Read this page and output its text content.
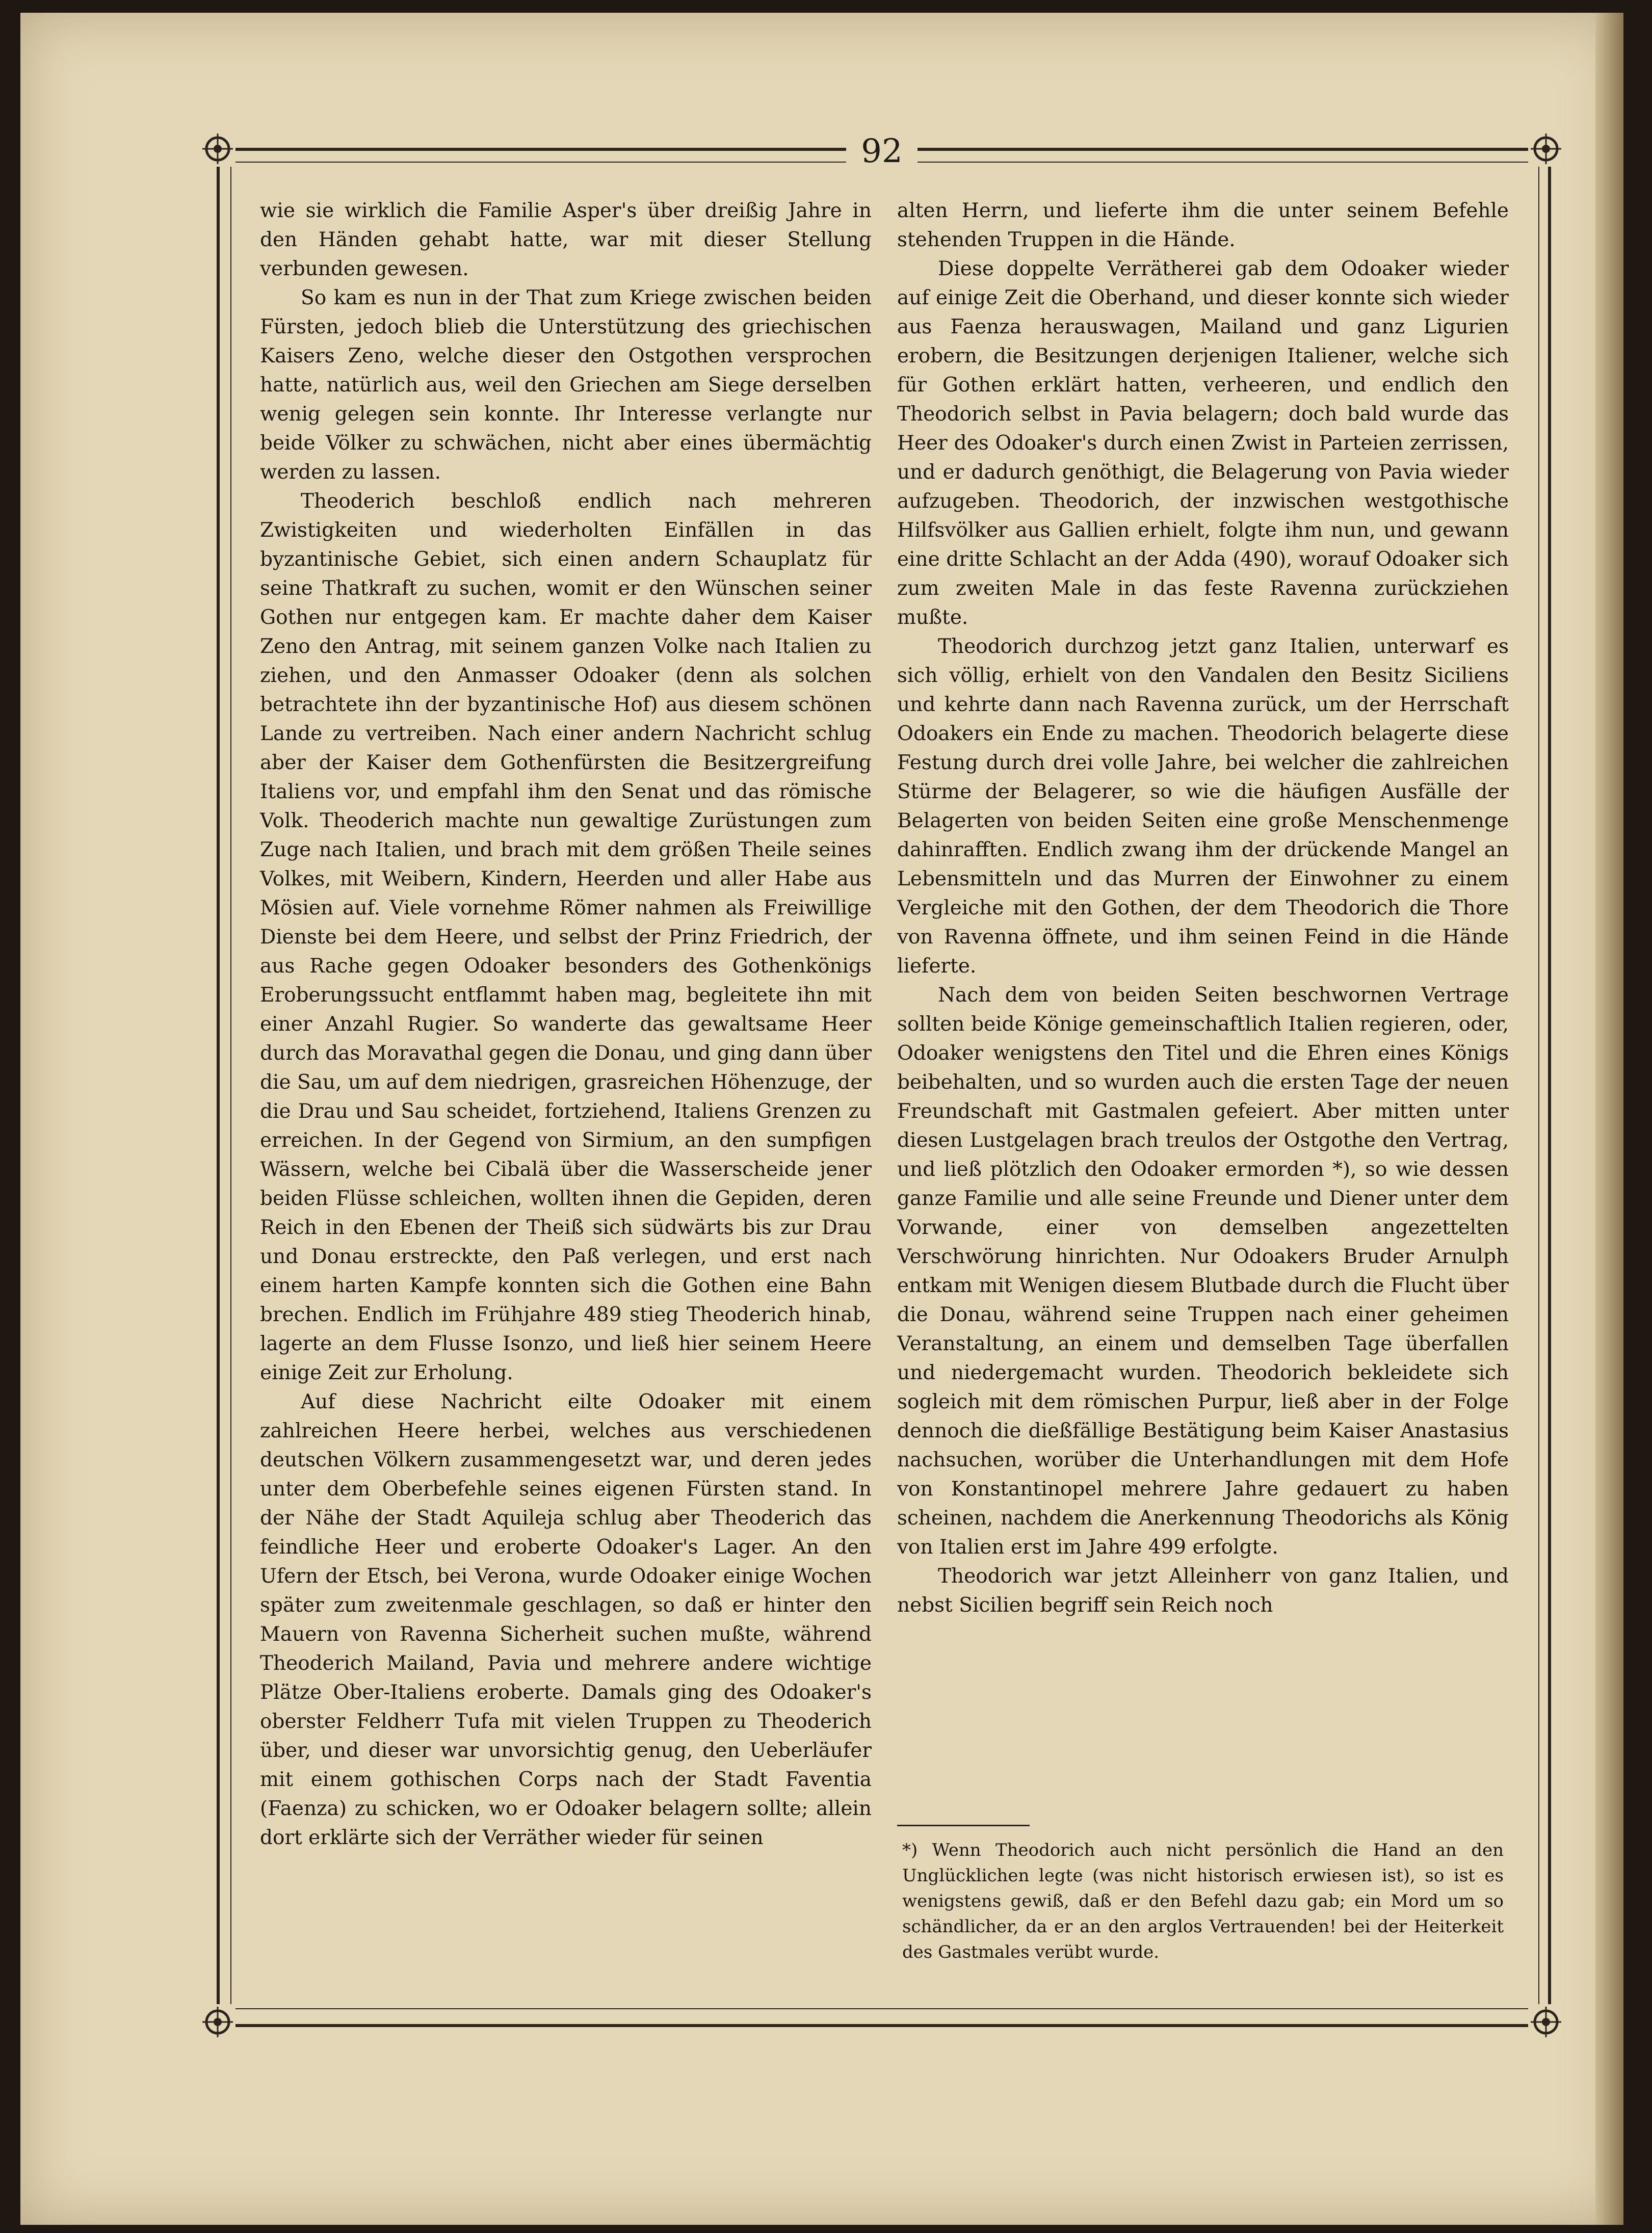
92

wie sie wirklich die Familie Asper's über dreißig Jahre in den Händen gehabt hatte, war mit dieser Stellung verbunden gewesen.

So kam es nun in der That zum Kriege zwischen beiden Fürsten, jedoch blieb die Unterstützung des griechischen Kaisers Zeno, welche dieser den Ostgothen versprochen hatte, natürlich aus, weil den Griechen am Siege derselben wenig gelegen sein konnte. Ihr Interesse verlangte nur beide Völker zu schwächen, nicht aber eines übermächtig werden zu lassen.

Theoderich beschloß endlich nach mehreren Zwistigkeiten und wiederholten Einfällen in das byzantinische Gebiet, sich einen andern Schauplatz für seine Thatkraft zu suchen, womit er den Wünschen seiner Gothen nur entgegen kam. Er machte daher dem Kaiser Zeno den Antrag, mit seinem ganzen Volke nach Italien zu ziehen, und den Anmasser Odoaker (denn als solchen betrachtete ihn der byzantinische Hof) aus diesem schönen Lande zu vertreiben. Nach einer andern Nachricht schlug aber der Kaiser dem Gothenfürsten die Besitzergreifung Italiens vor, und empfahl ihm den Senat und das römische Volk. Theoderich machte nun gewaltige Zurüstungen zum Zuge nach Italien, und brach mit dem größen Theile seines Volkes, mit Weibern, Kindern, Heerden und aller Habe aus Mösien auf. Viele vornehme Römer nahmen als Freiwillige Dienste bei dem Heere, und selbst der Prinz Friedrich, der aus Rache gegen Odoaker besonders des Gothenkönigs Eroberungssucht entflammt haben mag, begleitete ihn mit einer Anzahl Rugier. So wanderte das gewaltsame Heer durch das Moravathal gegen die Donau, und ging dann über die Sau, um auf dem niedrigen, grasreichen Höhenzuge, der die Drau und Sau scheidet, fortziehend, Italiens Grenzen zu erreichen. In der Gegend von Sirmium, an den sumpfigen Wässern, welche bei Cibalä über die Wasserscheide jener beiden Flüsse schleichen, wollten ihnen die Gepiden, deren Reich in den Ebenen der Theiß sich südwärts bis zur Drau und Donau erstreckte, den Paß verlegen, und erst nach einem harten Kampfe konnten sich die Gothen eine Bahn brechen. Endlich im Frühjahre 489 stieg Theoderich hinab, lagerte an dem Flusse Isonzo, und ließ hier seinem Heere einige Zeit zur Erholung.

Auf diese Nachricht eilte Odoaker mit einem zahlreichen Heere herbei, welches aus verschiedenen deutschen Völkern zusammengesetzt war, und deren jedes unter dem Oberbefehle seines eigenen Fürsten stand. In der Nähe der Stadt Aquileja schlug aber Theoderich das feindliche Heer und eroberte Odoaker's Lager. An den Ufern der Etsch, bei Verona, wurde Odoaker einige Wochen später zum zweitenmale geschlagen, so daß er hinter den Mauern von Ravenna Sicherheit suchen mußte, während Theoderich Mailand, Pavia und mehrere andere wichtige Plätze Ober-Italiens eroberte. Damals ging des Odoaker's oberster Feldherr Tufa mit vielen Truppen zu Theoderich über, und dieser war unvorsichtig genug, den Ueberläufer mit einem gothischen Corps nach der Stadt Faventia (Faenza) zu schicken, wo er Odoaker belagern sollte; allein dort erklärte sich der Verräther wieder für seinen

alten Herrn, und lieferte ihm die unter seinem Befehle stehenden Truppen in die Hände.

Diese doppelte Verrätherei gab dem Odoaker wieder auf einige Zeit die Oberhand, und dieser konnte sich wieder aus Faenza herauswagen, Mailand und ganz Ligurien erobern, die Besitzungen derjenigen Italiener, welche sich für Gothen erklärt hatten, verheeren, und endlich den Theodorich selbst in Pavia belagern; doch bald wurde das Heer des Odoaker's durch einen Zwist in Parteien zerrissen, und er dadurch genöthigt, die Belagerung von Pavia wieder aufzugeben. Theodorich, der inzwischen westgothische Hilfsvölker aus Gallien erhielt, folgte ihm nun, und gewann eine dritte Schlacht an der Adda (490), worauf Odoaker sich zum zweiten Male in das feste Ravenna zurückziehen mußte.

Theodorich durchzog jetzt ganz Italien, unterwarf es sich völlig, erhielt von den Vandalen den Besitz Siciliens und kehrte dann nach Ravenna zurück, um der Herrschaft Odoakers ein Ende zu machen. Theodorich belagerte diese Festung durch drei volle Jahre, bei welcher die zahlreichen Stürme der Belagerer, so wie die häufigen Ausfälle der Belagerten von beiden Seiten eine große Menschenmenge dahinrafften. Endlich zwang ihm der drückende Mangel an Lebensmitteln und das Murren der Einwohner zu einem Vergleiche mit den Gothen, der dem Theodorich die Thore von Ravenna öffnete, und ihm seinen Feind in die Hände lieferte.

Nach dem von beiden Seiten beschwornen Vertrage sollten beide Könige gemeinschaftlich Italien regieren, oder, Odoaker wenigstens den Titel und die Ehren eines Königs beibehalten, und so wurden auch die ersten Tage der neuen Freundschaft mit Gastmalen gefeiert. Aber mitten unter diesen Lustgelagen brach treulos der Ostgothe den Vertrag, und ließ plötzlich den Odoaker ermorden *), so wie dessen ganze Familie und alle seine Freunde und Diener unter dem Vorwande, einer von demselben angezettelten Verschwörung hinrichten. Nur Odoakers Bruder Arnulph entkam mit Wenigen diesem Blutbade durch die Flucht über die Donau, während seine Truppen nach einer geheimen Veranstaltung, an einem und demselben Tage überfallen und niedergemacht wurden. Theodorich bekleidete sich sogleich mit dem römischen Purpur, ließ aber in der Folge dennoch die dießfällige Bestätigung beim Kaiser Anastasius nachsuchen, worüber die Unterhandlungen mit dem Hofe von Konstantinopel mehrere Jahre gedauert zu haben scheinen, nachdem die Anerkennung Theodorichs als König von Italien erst im Jahre 499 erfolgte.

Theodorich war jetzt Alleinherr von ganz Italien, und nebst Sicilien begriff sein Reich noch

*) Wenn Theodorich auch nicht persönlich die Hand an den Unglücklichen legte (was nicht historisch erwiesen ist), so ist es wenigstens gewiß, daß er den Befehl dazu gab; ein Mord um so schändlicher, da er an den arglos Vertrauenden! bei der Heiterkeit des Gastmales verübt wurde.
